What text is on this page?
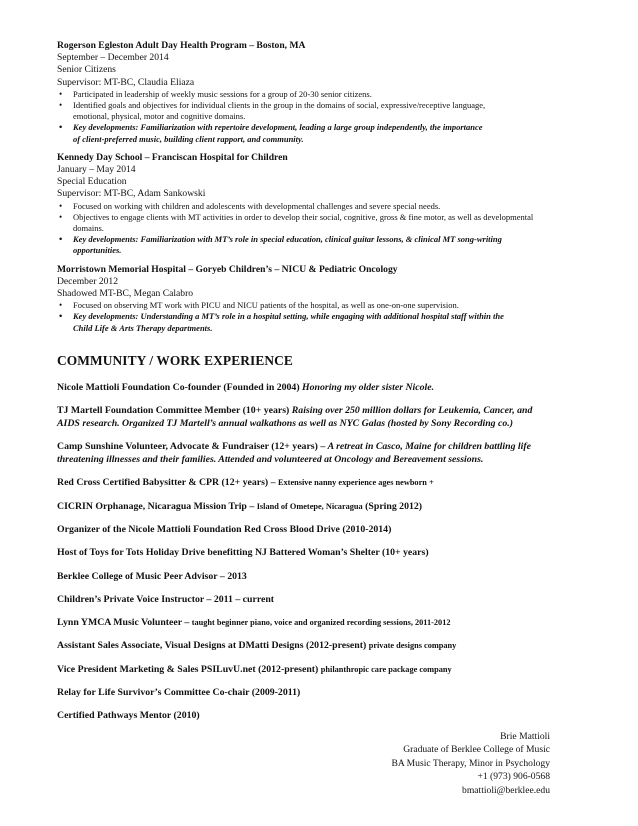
Rogerson Egleston Adult Day Health Program – Boston, MA
September – December 2014
Senior Citizens
Supervisor: MT-BC, Claudia Eliaza
• Participated in leadership of weekly music sessions for a group of 20-30 senior citizens.
• Identified goals and objectives for individual clients in the group in the domains of social, expressive/receptive language,
emotional, physical, motor and cognitive domains.
• Key developments: Familiarization with repertoire development, leading a large group independently, the importance
of client-preferred music, building client rapport, and community.
Kennedy Day School – Franciscan Hospital for Children
January – May 2014
Special Education
Supervisor: MT-BC, Adam Sankowski
• Focused on working with children and adolescents with developmental challenges and severe special needs.
• Objectives to engage clients with MT activities in order to develop their social, cognitive, gross & fine motor, as well as developmental
domains.
• Key developments: Familiarization with MT’s role in special education, clinical guitar lessons, & clinical MT song-writing
opportunities.
Morristown Memorial Hospital – Goryeb Children’s – NICU & Pediatric Oncology
December 2012
Shadowed MT-BC, Megan Calabro
• Focused on observing MT work with PICU and NICU patients of the hospital, as well as one-on-one supervision.
• Key developments: Understanding a MT’s role in a hospital setting, while engaging with additional hospital staff within the
Child Life & Arts Therapy departments.
COMMUNITY / WORK EXPERIENCE
Nicole Mattioli Foundation Co-founder (Founded in 2004) Honoring my older sister Nicole.
TJ Martell Foundation Committee Member (10+ years) Raising over 250 million dollars for Leukemia, Cancer, and
AIDS research. Organized TJ Martell’s annual walkathons as well as NYC Galas (hosted by Sony Recording co.)
Camp Sunshine Volunteer, Advocate & Fundraiser (12+ years) – A retreat in Casco, Maine for children battling life
threatening illnesses and their families. Attended and volunteered at Oncology and Bereavement sessions.
Red Cross Certified Babysitter & CPR (12+ years) – Extensive nanny experience ages newborn +
CICRIN Orphanage, Nicaragua Mission Trip – Island of Ometepe, Nicaragua (Spring 2012)
Organizer of the Nicole Mattioli Foundation Red Cross Blood Drive (2010-2014)
Host of Toys for Tots Holiday Drive benefitting NJ Battered Woman’s Shelter (10+ years)
Berklee College of Music Peer Advisor – 2013
Children’s Private Voice Instructor – 2011 – current
Lynn YMCA Music Volunteer – taught beginner piano, voice and organized recording sessions, 2011-2012
Assistant Sales Associate, Visual Designs at DMatti Designs (2012-present) private designs company
Vice President Marketing & Sales PSILuvU.net (2012-present) philanthropic care package company
Relay for Life Survivor’s Committee Co-chair (2009-2011)
Certified Pathways Mentor (2010)
Brie Mattioli
Graduate of Berklee College of Music
BA Music Therapy, Minor in Psychology
+1 (973) 906-0568
bmattioli@berklee.edu
